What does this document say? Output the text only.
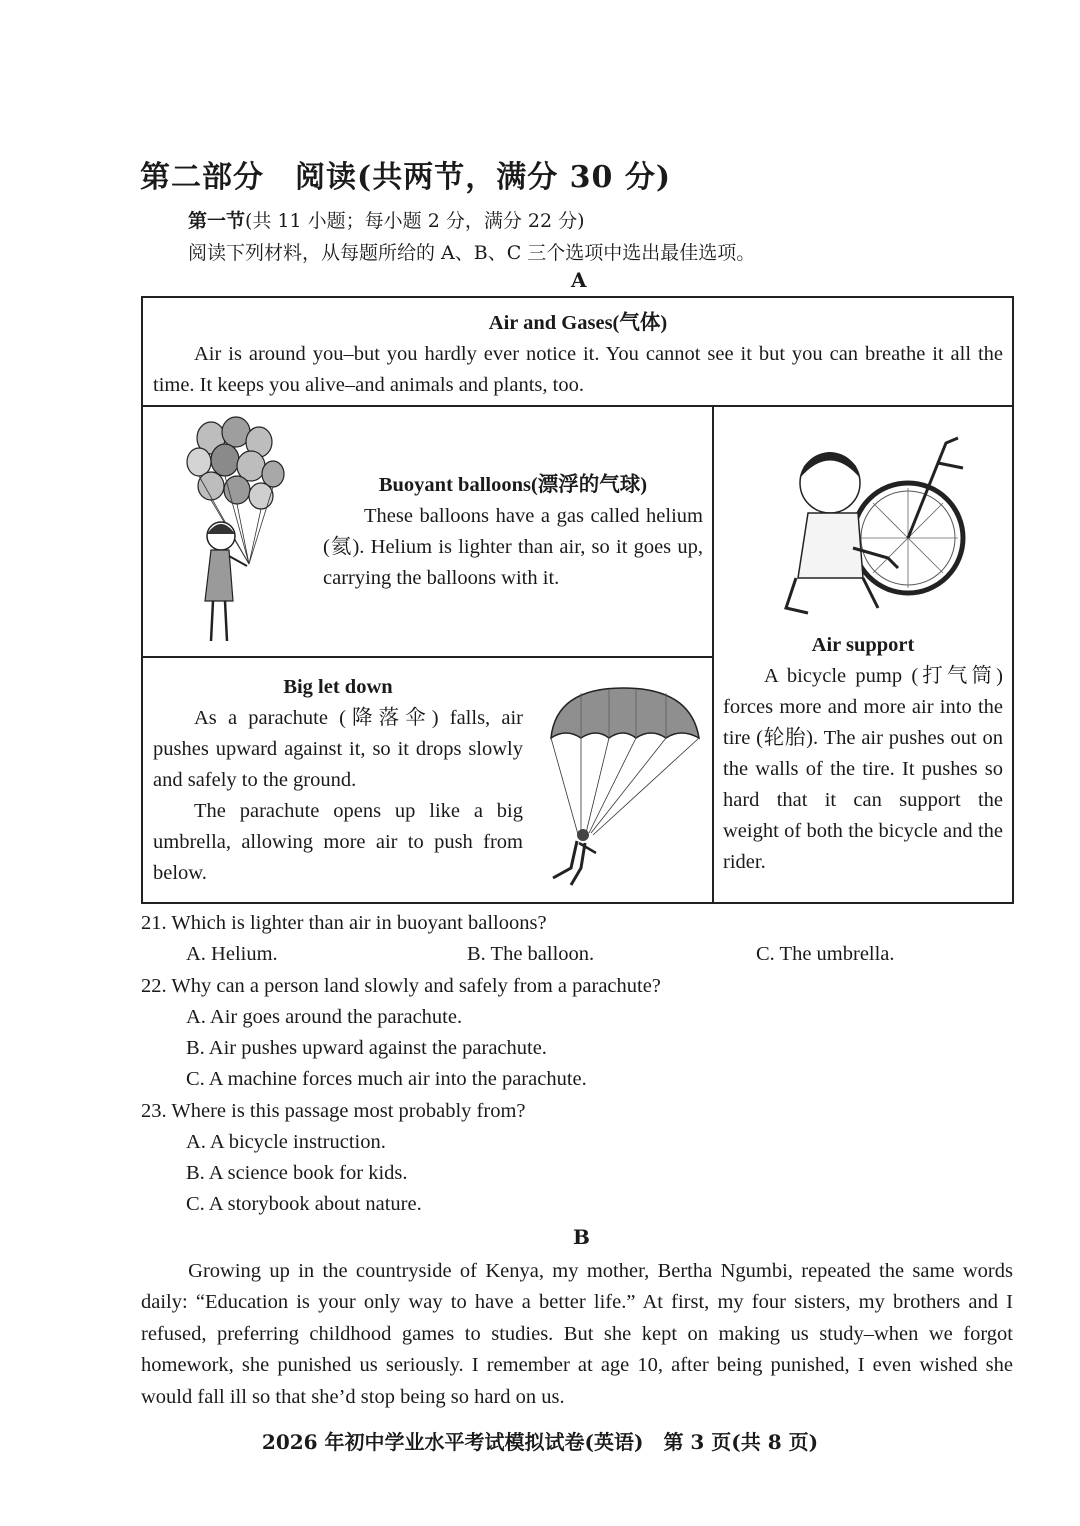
第二部分　阅读(共两节，满分 30 分)
第一节(共 11 小题；每小题 2 分，满分 22 分)
阅读下列材料，从每题所给的 A、B、C 三个选项中选出最佳选项。
A
Air and Gases(气体)

Air is around you–but you hardly ever notice it. You cannot see it but you can breathe it all the time. It keeps you alive–and animals and plants, too.

Buoyant balloons(漂浮的气球)

These balloons have a gas called helium (氦). Helium is lighter than air, so it goes up, carrying the balloons with it.

Air support

A bicycle pump (打气筒) forces more and more air into the tire (轮胎). The air pushes out on the walls of the tire. It pushes so hard that it can support the weight of both the bicycle and the rider.

Big let down

As a parachute (降落伞) falls, air pushes upward against it, so it drops slowly and safely to the ground.

The parachute opens up like a big umbrella, allowing more air to push from below.

21. Which is lighter than air in buoyant balloons?
A. Helium.	B. The balloon.	C. The umbrella.
22. Why can a person land slowly and safely from a parachute?
A. Air goes around the parachute.
B. Air pushes upward against the parachute.
C. A machine forces much air into the parachute.
23. Where is this passage most probably from?
A. A bicycle instruction.
B. A science book for kids.
C. A storybook about nature.
B
Growing up in the countryside of Kenya, my mother, Bertha Ngumbi, repeated the same words daily: “Education is your only way to have a better life.” At first, my four sisters, my brothers and I refused, preferring childhood games to studies. But she kept on making us study–when we forgot homework, she punished us seriously. I remember at age 10, after being punished, I even wished she would fall ill so that she’d stop being so hard on us.
2026 年初中学业水平考试模拟试卷(英语)　第 3 页(共 8 页)
